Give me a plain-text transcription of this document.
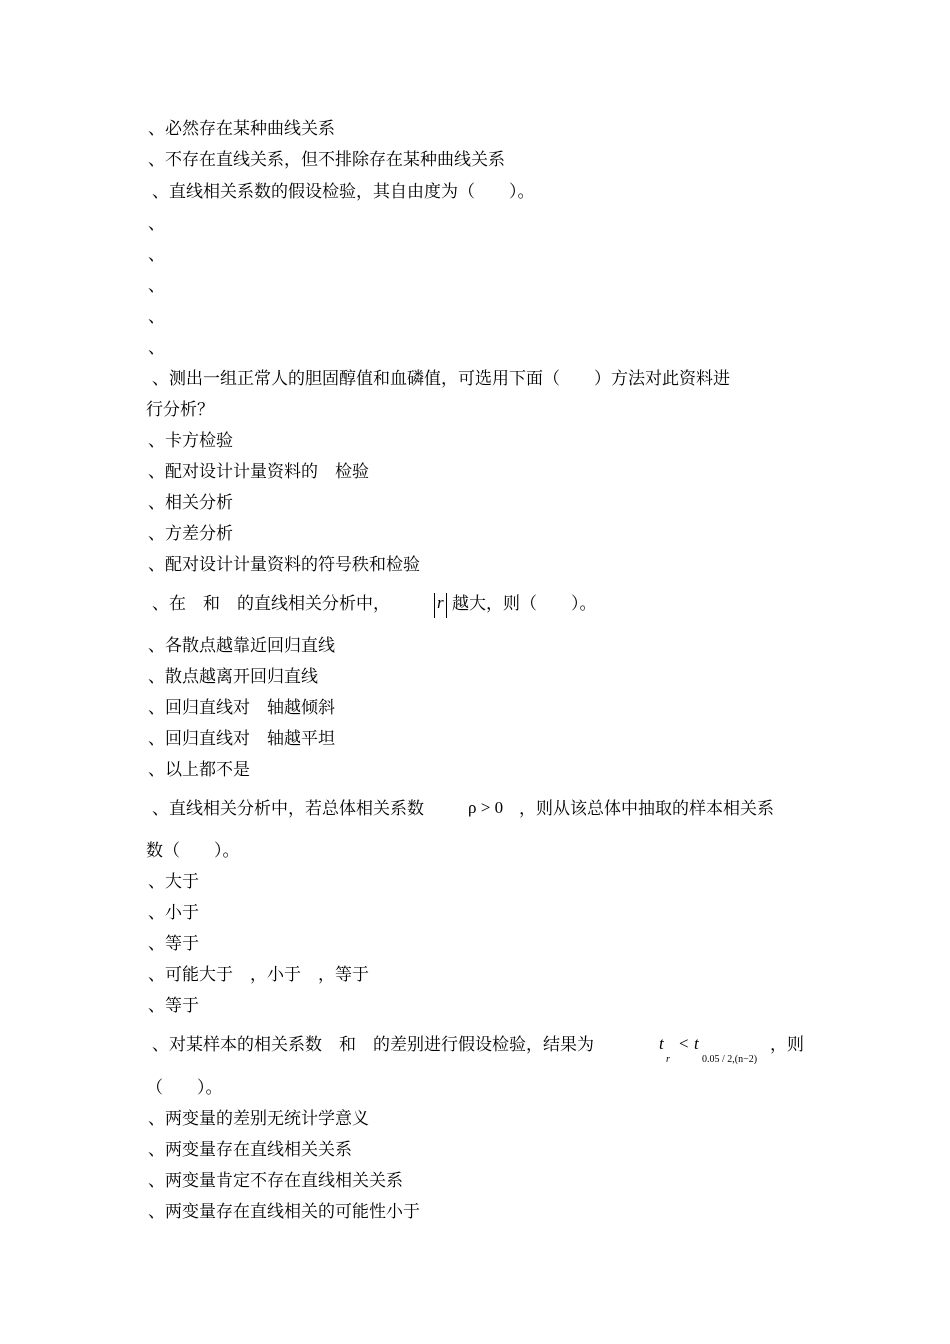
、必然存在某种曲线关系
、不存在直线关系，但不排除存在某种曲线关系
、直线相关系数的假设检验，其自由度为（　　）。
、
、
、
、
、
、测出一组正常人的胆固醇值和血磷值，可选用下面（　　）方法对此资料进
行分析？
、卡方检验
、配对设计计量资料的　检验
、相关分析
、方差分析
、配对设计计量资料的符号秩和检验
、在　和　的直线相关分析中，	r 越大，则（　　）。
、各散点越靠近回归直线
、散点越离开回归直线
、回归直线对　轴越倾斜
、回归直线对　轴越平坦
、以上都不是
、直线相关分析中，若总体相关系数	ρ > 0 ，则从该总体中抽取的样本相关系
数（　　）。
、大于
、小于
、等于
、可能大于　，小于　，等于
、等于
、对某样本的相关系数　和　的差别进行假设检验，结果为	t
r
< t
0.05 / 2,(n−2)
，则
（　　）。
、两变量的差别无统计学意义
、两变量存在直线相关关系
、两变量肯定不存在直线相关关系
、两变量存在直线相关的可能性小于
